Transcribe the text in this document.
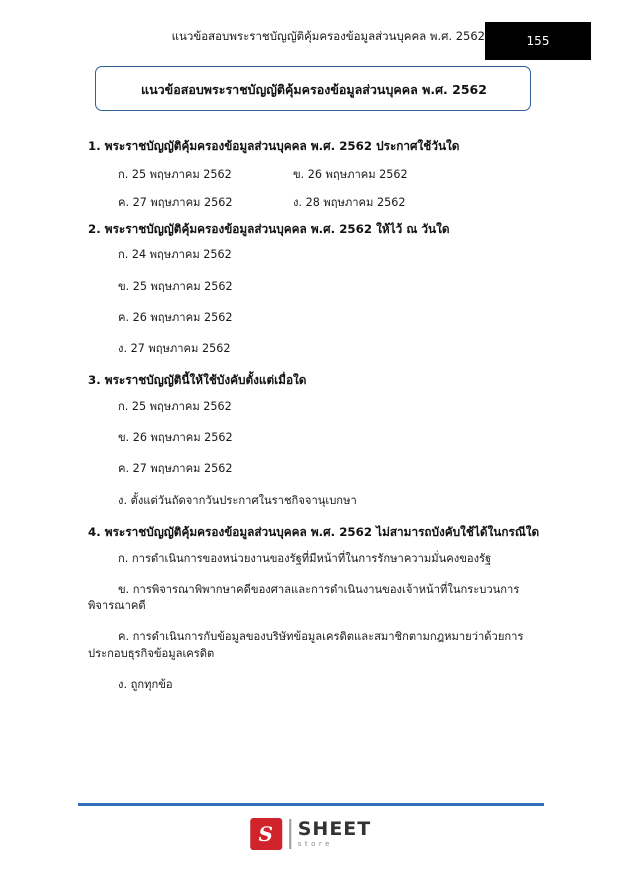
แนวข้อสอบพระราชบัญญัติคุ้มครองข้อมูลส่วนบุคคล พ.ศ. 2562	155
แนวข้อสอบพระราชบัญญัติคุ้มครองข้อมูลส่วนบุคคล พ.ศ. 2562

1. พระราชบัญญัติคุ้มครองข้อมูลส่วนบุคคล พ.ศ. 2562 ประกาศใช้วันใด

ก. 25 พฤษภาคม 2562	ข. 26 พฤษภาคม 2562
ค. 27 พฤษภาคม 2562	ง. 28 พฤษภาคม 2562

2. พระราชบัญญัติคุ้มครองข้อมูลส่วนบุคคล พ.ศ. 2562 ให้ไว้ ณ วันใด

ก. 24 พฤษภาคม 2562

ข. 25 พฤษภาคม 2562

ค. 26 พฤษภาคม 2562

ง. 27 พฤษภาคม 2562

3. พระราชบัญญัตินี้ให้ใช้บังคับตั้งแต่เมื่อใด

ก. 25 พฤษภาคม 2562

ข. 26 พฤษภาคม 2562

ค. 27 พฤษภาคม 2562

ง. ตั้งแต่วันถัดจากวันประกาศในราชกิจจานุเบกษา

4. พระราชบัญญัติคุ้มครองข้อมูลส่วนบุคคล พ.ศ. 2562 ไม่สามารถบังคับใช้ได้ในกรณีใด

ก. การดำเนินการของหน่วยงานของรัฐที่มีหน้าที่ในการรักษาความมั่นคงของรัฐ

ข. การพิจารณาพิพากษาคดีของศาลและการดำเนินงานของเจ้าหน้าที่ในกระบวนการพิจารณาคดี

ค. การดำเนินการกับข้อมูลของบริษัทข้อมูลเครดิตและสมาชิกตามกฎหมายว่าด้วยการประกอบธุรกิจข้อมูลเครดิต

ง. ถูกทุกข้อ

S	SHEET
store
